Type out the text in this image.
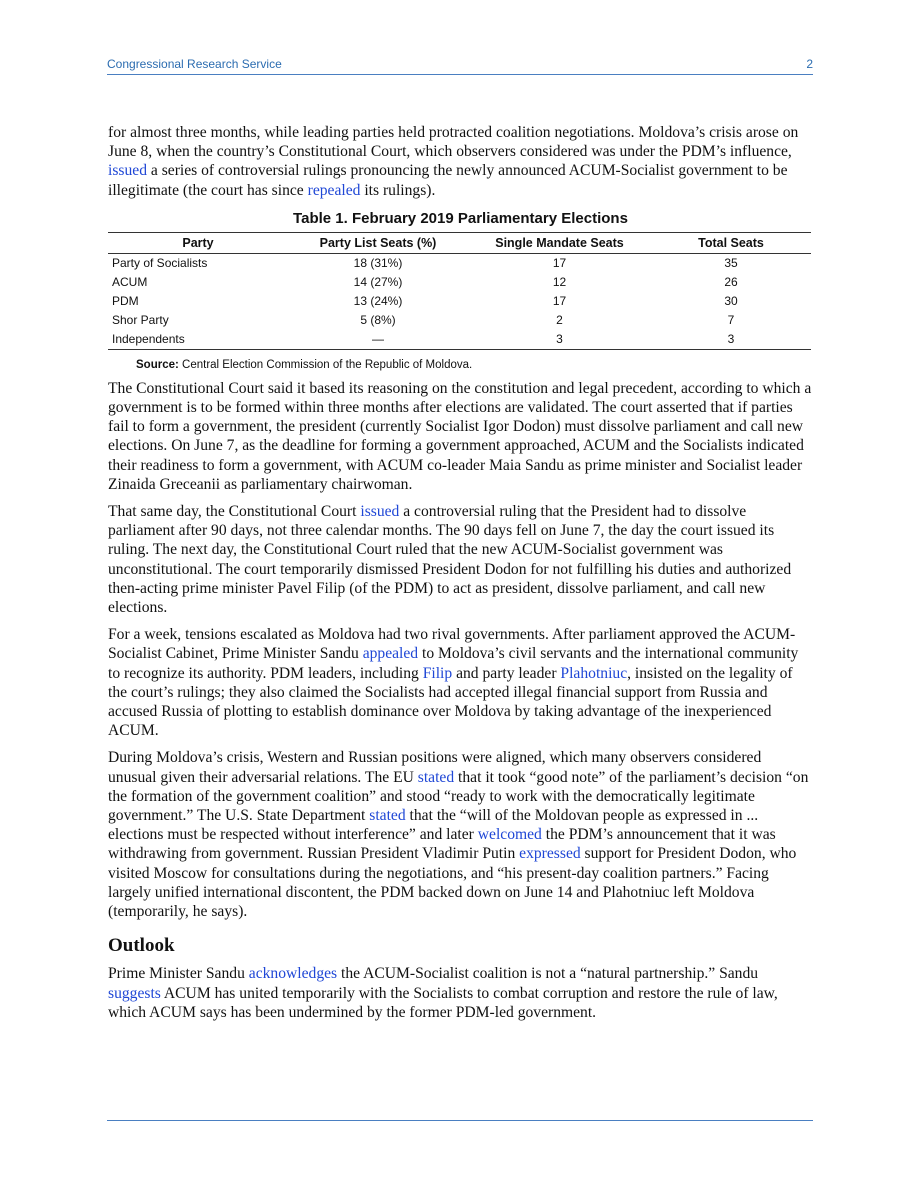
Congressional Research Service	2

for almost three months, while leading parties held protracted coalition negotiations. Moldova’s crisis arose on June 8, when the country’s Constitutional Court, which observers considered was under the PDM’s influence, issued a series of controversial rulings pronouncing the newly announced ACUM-Socialist government to be illegitimate (the court has since repealed its rulings).

Table 1. February 2019 Parliamentary Elections
Party	Party List Seats (%)	Single Mandate Seats	Total Seats
Party of Socialists	18 (31%)	17	35
ACUM	14 (27%)	12	26
PDM	13 (24%)	17	30
Shor Party	5 (8%)	2	7
Independents	—	3	3
Source: Central Election Commission of the Republic of Moldova.

The Constitutional Court said it based its reasoning on the constitution and legal precedent, according to which a government is to be formed within three months after elections are validated. The court asserted that if parties fail to form a government, the president (currently Socialist Igor Dodon) must dissolve parliament and call new elections. On June 7, as the deadline for forming a government approached, ACUM and the Socialists indicated their readiness to form a government, with ACUM co-leader Maia Sandu as prime minister and Socialist leader Zinaida Greceanii as parliamentary chairwoman.

That same day, the Constitutional Court issued a controversial ruling that the President had to dissolve parliament after 90 days, not three calendar months. The 90 days fell on June 7, the day the court issued its ruling. The next day, the Constitutional Court ruled that the new ACUM-Socialist government was unconstitutional. The court temporarily dismissed President Dodon for not fulfilling his duties and authorized then-acting prime minister Pavel Filip (of the PDM) to act as president, dissolve parliament, and call new elections.

For a week, tensions escalated as Moldova had two rival governments. After parliament approved the ACUM-Socialist Cabinet, Prime Minister Sandu appealed to Moldova’s civil servants and the international community to recognize its authority. PDM leaders, including Filip and party leader Plahotniuc, insisted on the legality of the court’s rulings; they also claimed the Socialists had accepted illegal financial support from Russia and accused Russia of plotting to establish dominance over Moldova by taking advantage of the inexperienced ACUM.

During Moldova’s crisis, Western and Russian positions were aligned, which many observers considered unusual given their adversarial relations. The EU stated that it took “good note” of the parliament’s decision “on the formation of the government coalition” and stood “ready to work with the democratically legitimate government.” The U.S. State Department stated that the “will of the Moldovan people as expressed in ... elections must be respected without interference” and later welcomed the PDM’s announcement that it was withdrawing from government. Russian President Vladimir Putin expressed support for President Dodon, who visited Moscow for consultations during the negotiations, and “his present-day coalition partners.” Facing largely unified international discontent, the PDM backed down on June 14 and Plahotniuc left Moldova (temporarily, he says).

Outlook

Prime Minister Sandu acknowledges the ACUM-Socialist coalition is not a “natural partnership.” Sandu suggests ACUM has united temporarily with the Socialists to combat corruption and restore the rule of law, which ACUM says has been undermined by the former PDM-led government.
